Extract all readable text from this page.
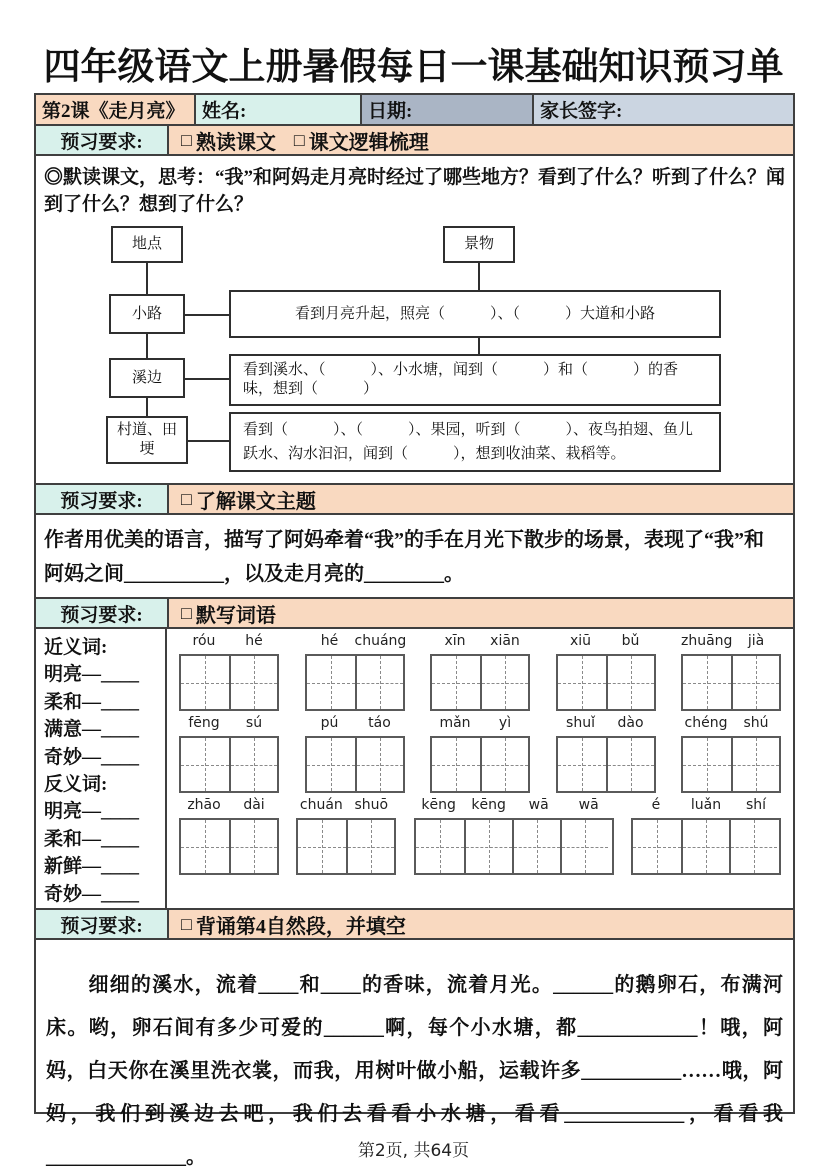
四年级语文上册暑假每日一课基础知识预习单
第2课《走月亮》 姓名:	日期:	家长签字:
预习要求:	□ 熟读课文 □ 课文逻辑梳理
◎默读课文，思考：“我”和阿妈走月亮时经过了哪些地方？看到了什么？听到了什么？闻到了什么？想到了什么？
地点	景物
小路	看到月亮升起，照亮（　　　）、（　　　）大道和小路
溪边	看到溪水、（　　　）、小水塘，闻到（　　　）和（　　　）的香味，想到（　　　）
村道、田埂
看到（　　　）、（　　　）、果园，听到（　　　）、夜鸟拍翅、鱼儿跃水、沟水汩汩，闻到（　　　），想到收油菜、栽稻等。
预习要求:	□ 了解课文主题
作者用优美的语言，描写了阿妈牵着“我”的手在月光下散步的场景，表现了“我”和阿妈之间__________，以及走月亮的________。
预习要求:	□ 默写词语
近义词:
明亮—____
柔和—____
满意—____
奇妙—____
反义词:
明亮—____
柔和—____
新鲜—____
奇妙—____
róu	hé	hé	chuáng	xīn	xiān	xiū	bǔ	zhuāng	jià
fēng	sú	pú	táo	mǎn	yì	shuǐ	dào	chéng	shú
zhāo	dài	chuán shuō	kēng	kēng	wā	wā	é	luǎn	shí
预习要求:	□ 背诵第4自然段，并填空
　　细细的溪水，流着____和____的香味，流着月光。______的鹅卵石，布满河床。哟，卵石间有多少可爱的______啊，每个小水塘，都____________！哦，阿妈，白天你在溪里洗衣裳，而我，用树叶做小船，运载许多__________……哦，阿妈，我们到溪边去吧，我们去看看小水塘，看看____________，看看我______________。	第2页, 共64页
